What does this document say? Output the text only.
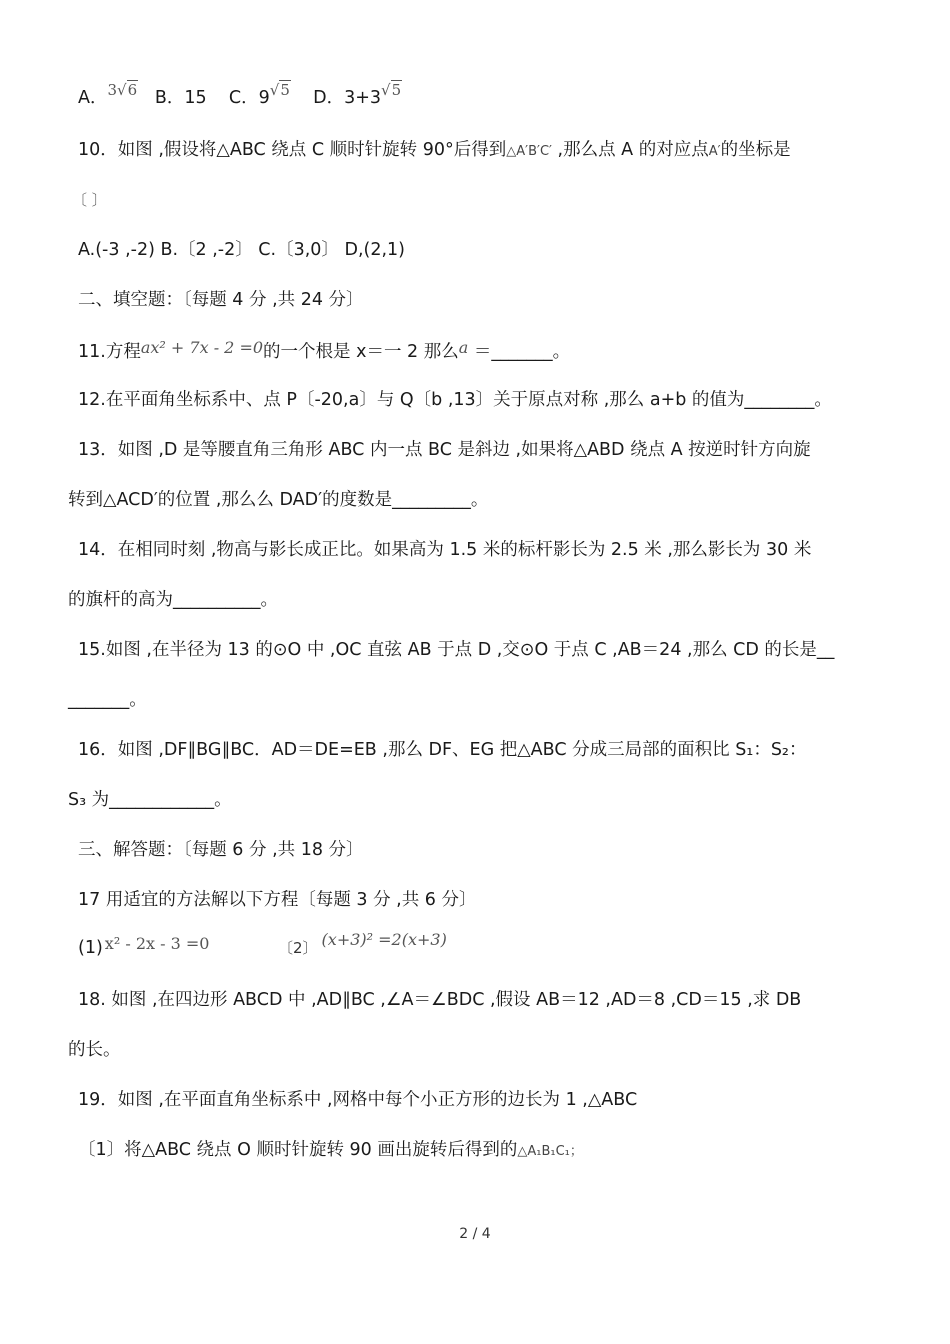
A．3√6 B．15 C．9√5 D．3+3√5
10．如图 ,假设将△ABC 绕点 C 顺时针旋转 90°后得到△A′B′C′ ,那么点 A 的对应点A′的坐标是
〔 〕
A.(-3 ,-2) B.〔2 ,-2〕 C.〔3,0〕 D,(2,1)
二、填空题：〔每题 4 分 ,共 24 分〕
11.方程ax² + 7x - 2 =0的一个根是 x＝一 2 那么a ＝_______。
12.在平面角坐标系中、点 P〔-20,a〕与 Q〔b ,13〕关于原点对称 ,那么 a+b 的值为________。
13．如图 ,D 是等腰直角三角形 ABC 内一点 BC 是斜边 ,如果将△ABD 绕点 A 按逆时针方向旋
转到△ACD′的位置 ,那么么 DAD′的度数是_________。
14．在相同时刻 ,物高与影长成正比。如果高为 1.5 米的标杆影长为 2.5 米 ,那么影长为 30 米
的旗杆的高为__________。
15.如图 ,在半径为 13 的⊙O 中 ,OC 直弦 AB 于点 D ,交⊙O 于点 C ,AB＝24 ,那么 CD 的长是__
_______。
16．如图 ,DF∥BG∥BC．AD＝DE=EB ,那么 DF、EG 把△ABC 分成三局部的面积比 S₁：S₂：
S₃ 为____________。
三、解答题：〔每题 6 分 ,共 18 分〕
17 用适宜的方法解以下方程〔每题 3 分 ,共 6 分〕
(1) x² - 2x - 3 =0	〔2〕 (x+3)² =2(x+3)
18. 如图 ,在四边形 ABCD 中 ,AD∥BC ,∠A＝∠BDC ,假设 AB＝12 ,AD＝8 ,CD＝15 ,求 DB
的长。
19．如图 ,在平面直角坐标系中 ,网格中每个小正方形的边长为 1 ,△ABC
〔1〕将△ABC 绕点 O 顺时针旋转 90 画出旋转后得到的△A₁B₁C₁；
2 / 4
